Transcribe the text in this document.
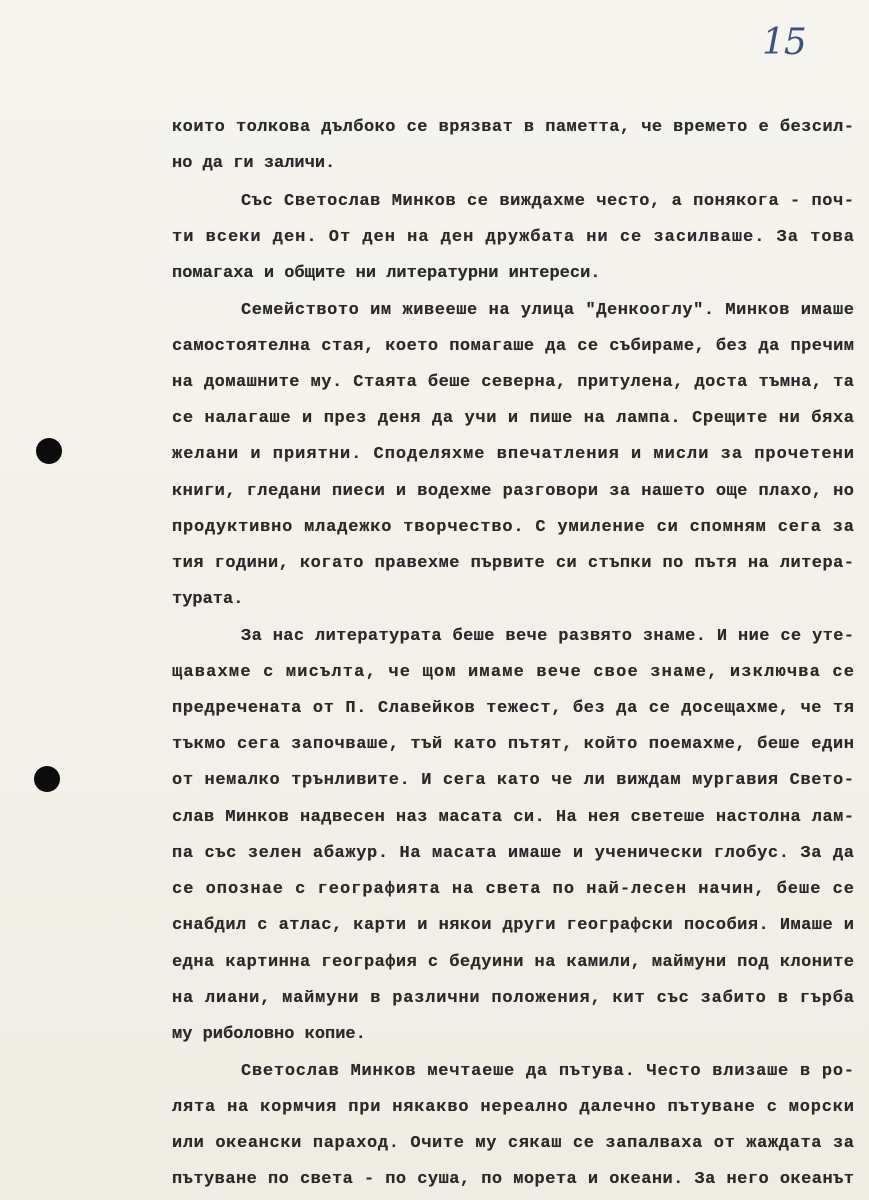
15
които толкова дълбоко се врязват в паметта, че времето е безсил-
но да ги заличи.
Със Светослав Минков се виждахме често, а понякога - поч-
ти всеки ден. От ден на ден дружбата ни се засилваше. За това
помагаха и общите ни литературни интереси.
Семейството им живееше на улица "Денкооглу". Минков имаше
самостоятелна стая, което помагаше да се събираме, без да пречим
на домашните му. Стаята беше северна, притулена, доста тъмна, та
се налагаше и през деня да учи и пише на лампа. Срещите ни бяха
желани и приятни. Споделяхме впечатления и мисли за прочетени
книги, гледани пиеси и водехме разговори за нашето още плахо, но
продуктивно младежко творчество. С умиление си спомням сега за
тия години, когато правехме първите си стъпки по пътя на литера-
турата.
За нас литературата беше вече развято знаме. И ние се уте-
щавахме с мисълта, че щом имаме вече свое знаме, изключва се
предречената от П. Славейков тежест, без да се досещахме, че тя
тъкмо сега започваше, тъй като пътят, който поемахме, беше един
от немалко трънливите. И сега като че ли виждам мургавия Свето-
слав Минков надвесен наз масата си. На нея светеше настолна лам-
па със зелен абажур. На масата имаше и ученически глобус. За да
се опознае с географията на света по най-лесен начин, беше се
снабдил с атлас, карти и някои други географски пособия. Имаше и
една картинна география с бедуини на камили, маймуни под клоните
на лиани, маймуни в различни положения, кит със забито в гърба
му риболовно копие.
Светослав Минков мечтаеше да пътува. Често влизаше в ро-
лята на кормчия при някакво нереално далечно пътуване с морски
или океански параход. Очите му сякаш се запалваха от жаждата за
пътуване по света - по суша, по морета и океани. За него океанът
